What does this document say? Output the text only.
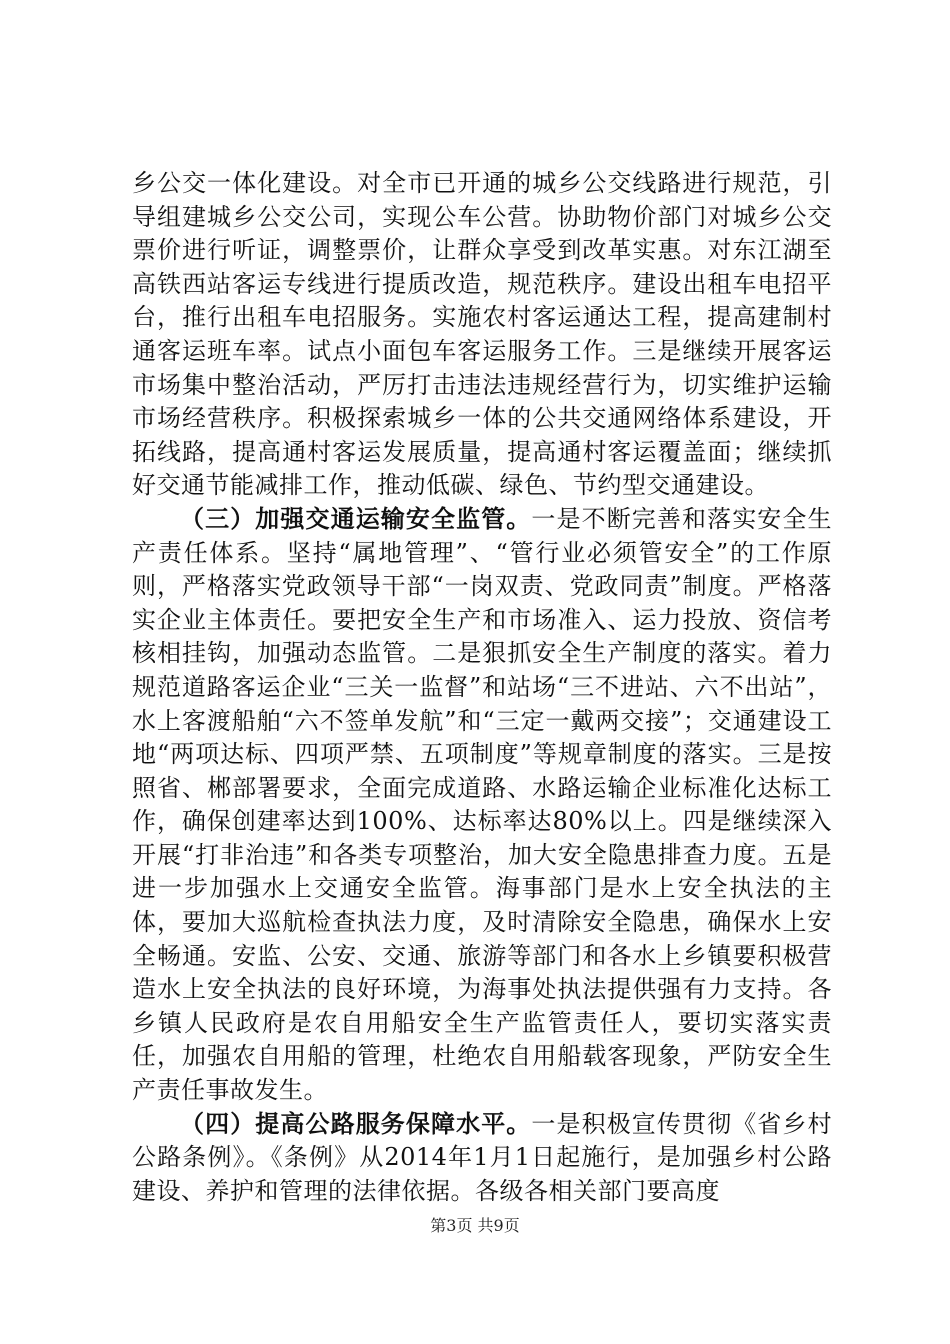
乡公交一体化建设。对全市已开通的城乡公交线路进行规范，引导组建城乡公交公司，实现公车公营。协助物价部门对城乡公交票价进行听证，调整票价，让群众享受到改革实惠。对东江湖至高铁西站客运专线进行提质改造，规范秩序。建设出租车电招平台，推行出租车电招服务。实施农村客运通达工程，提高建制村通客运班车率。试点小面包车客运服务工作。三是继续开展客运市场集中整治活动，严厉打击违法违规经营行为，切实维护运输市场经营秩序。积极探索城乡一体的公共交通网络体系建设，开拓线路，提高通村客运发展质量，提高通村客运覆盖面；继续抓好交通节能减排工作，推动低碳、绿色、节约型交通建设。

（三）加强交通运输安全监管。一是不断完善和落实安全生产责任体系。坚持“属地管理”、“管行业必须管安全”的工作原则，严格落实党政领导干部“一岗双责、党政同责”制度。严格落实企业主体责任。要把安全生产和市场准入、运力投放、资信考核相挂钩，加强动态监管。二是狠抓安全生产制度的落实。着力规范道路客运企业“三关一监督”和站场“三不进站、六不出站”，水上客渡船舶“六不签单发航”和“三定一戴两交接”；交通建设工地“两项达标、四项严禁、五项制度”等规章制度的落实。三是按照省、郴部署要求，全面完成道路、水路运输企业标准化达标工作，确保创建率达到100%、达标率达80%以上。四是继续深入开展“打非治违”和各类专项整治，加大安全隐患排查力度。五是进一步加强水上交通安全监管。海事部门是水上安全执法的主体，要加大巡航检查执法力度，及时清除安全隐患，确保水上安全畅通。安监、公安、交通、旅游等部门和各水上乡镇要积极营造水上安全执法的良好环境，为海事处执法提供强有力支持。各乡镇人民政府是农自用船安全生产监管责任人，要切实落实责任，加强农自用船的管理，杜绝农自用船载客现象，严防安全生产责任事故发生。

（四）提高公路服务保障水平。一是积极宣传贯彻《省乡村公路条例》。《条例》从2014年1月1日起施行，是加强乡村公路建设、养护和管理的法律依据。各级各相关部门要高度

第3页 共9页
